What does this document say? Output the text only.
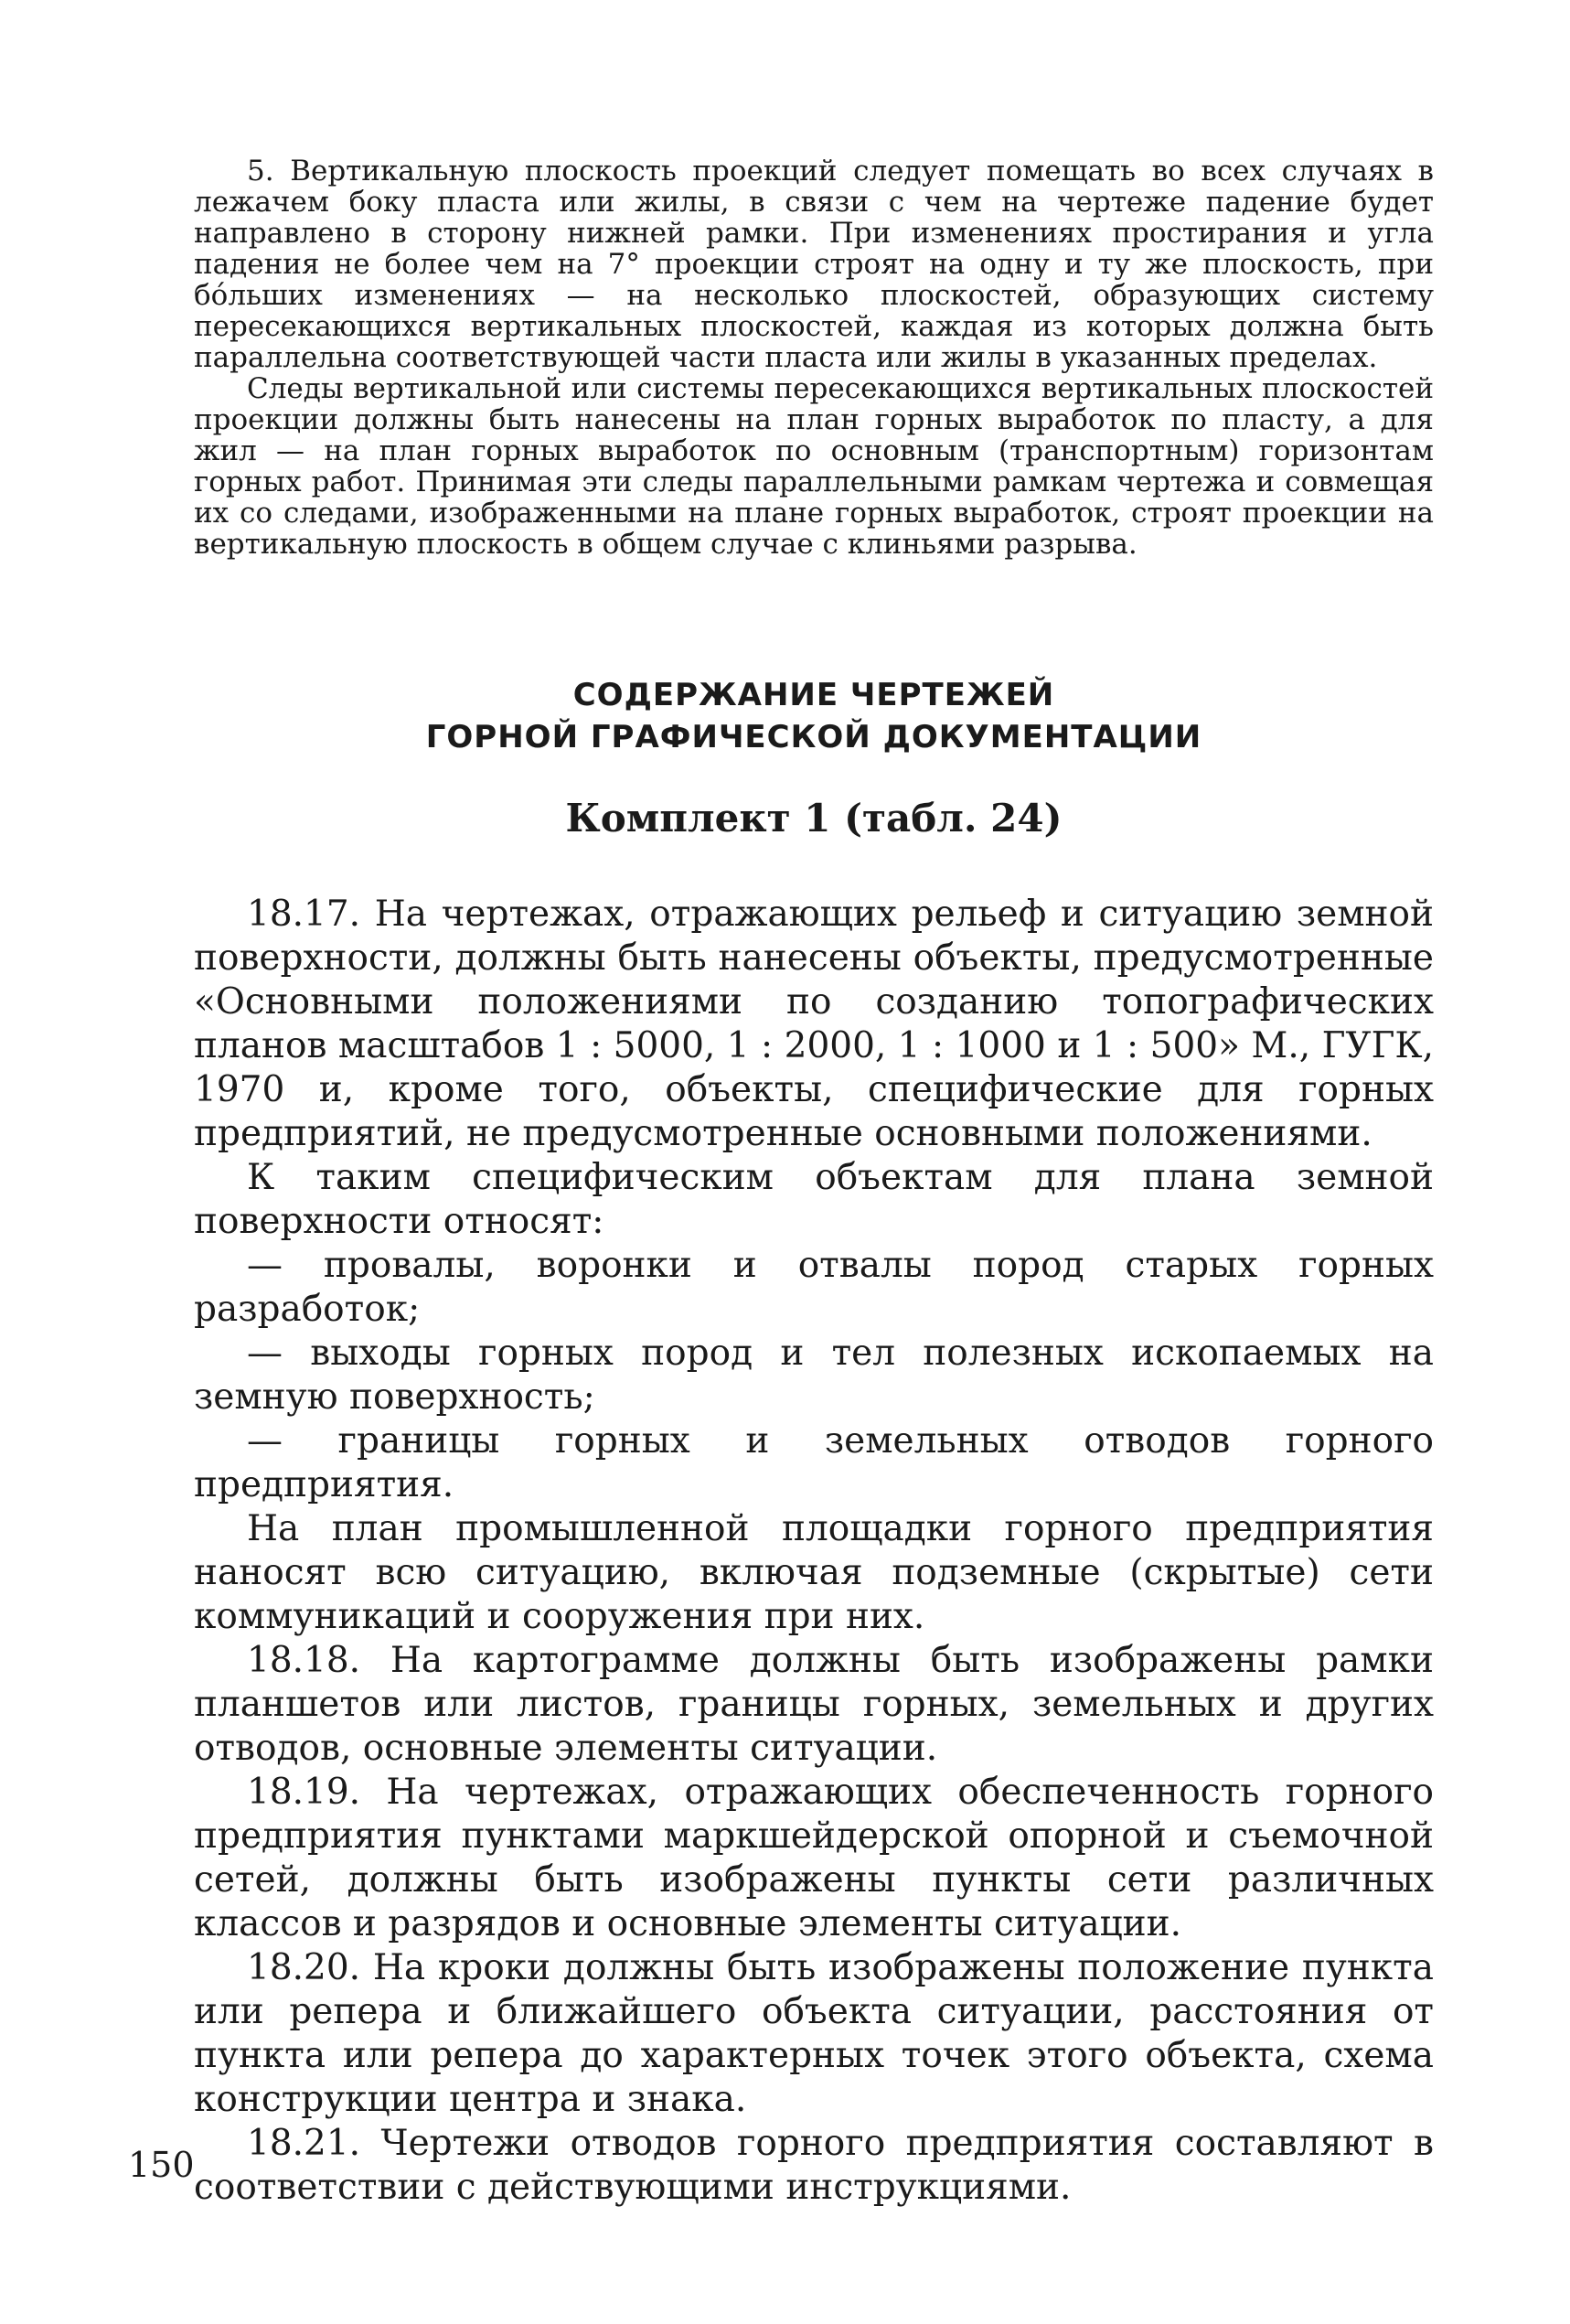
5. Вертикальную плоскость проекций следует помещать во всех случаях в лежачем боку пласта или жилы, в связи с чем на чертеже падение будет направлено в сторону нижней рамки. При изменениях простирания и угла падения не более чем на 7° проекции строят на одну и ту же плоскость, при бóльших изменениях — на несколько плоскостей, образующих систему пересекающихся вертикальных плоскостей, каждая из которых должна быть параллельна соответствующей части пласта или жилы в указанных пределах.

Следы вертикальной или системы пересекающихся вертикальных плоскостей проекции должны быть нанесены на план горных выработок по пласту, а для жил — на план горных выработок по основным (транспортным) горизонтам горных работ. Принимая эти следы параллельными рамкам чертежа и совмещая их со следами, изображенными на плане горных выработок, строят проекции на вертикальную плоскость в общем случае с клиньями разрыва.

СОДЕРЖАНИЕ ЧЕРТЕЖЕЙ
ГОРНОЙ ГРАФИЧЕСКОЙ ДОКУМЕНТАЦИИ
Комплект 1 (табл. 24)

18.17. На чертежах, отражающих рельеф и ситуацию земной поверхности, должны быть нанесены объекты, предусмотренные «Основными положениями по созданию топографических планов масштабов 1 : 5000, 1 : 2000, 1 : 1000 и 1 : 500» М., ГУГК, 1970 и, кроме того, объекты, специфические для горных предприятий, не предусмотренные основными положениями.

К таким специфическим объектам для плана земной поверхности относят:

— провалы, воронки и отвалы пород старых горных разработок;

— выходы горных пород и тел полезных ископаемых на земную поверхность;

— границы горных и земельных отводов горного предприятия.

На план промышленной площадки горного предприятия наносят всю ситуацию, включая подземные (скрытые) сети коммуникаций и сооружения при них.

18.18. На картограмме должны быть изображены рамки планшетов или листов, границы горных, земельных и других отводов, основные элементы ситуации.

18.19. На чертежах, отражающих обеспеченность горного предприятия пунктами маркшейдерской опорной и съемочной сетей, должны быть изображены пункты сети различных классов и разрядов и основные элементы ситуации.

18.20. На кроки должны быть изображены положение пункта или репера и ближайшего объекта ситуации, расстояния от пункта или репера до характерных точек этого объекта, схема конструкции центра и знака.

18.21. Чертежи отводов горного предприятия составляют в соответствии с действующими инструкциями.

150
